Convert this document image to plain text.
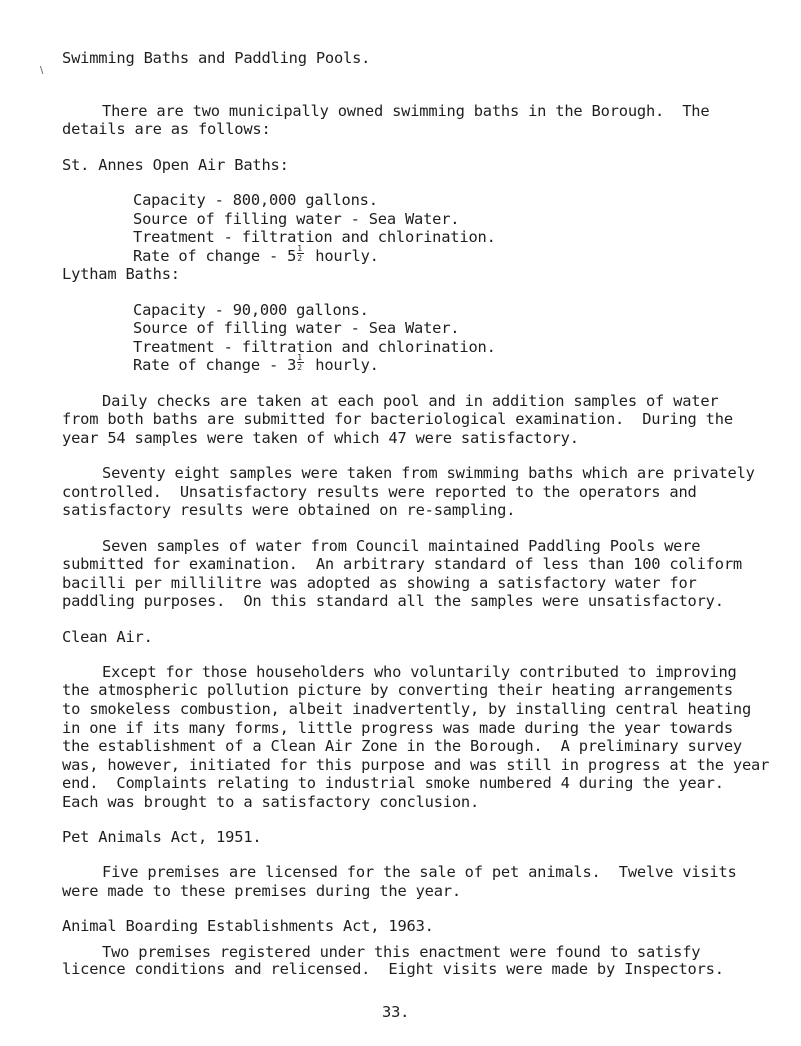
Swimming Baths and Paddling Pools.
There are two municipally owned swimming baths in the Borough.  The
details are as follows:
∖
St. Annes Open Air Baths:
Capacity - 800,000 gallons.
Source of filling water - Sea Water.
Treatment - filtration and chlorination.
Rate of change - $5 \frac{1}{2}$ hourly.
Lytham Baths:
Capacity - 90,000 gallons.
Source of filling water - Sea Water.
Treatment - filtration and chlorination.
Rate of change - $3 \frac{1}{2}$ hourly.
Daily checks are taken at each pool and in addition samples of water
from both baths are submitted for bacteriological examination.  During the
year 54 samples were taken of which 47 were satisfactory.
Seventy eight samples were taken from swimming baths which are privately
controlled.  Unsatisfactory results were reported to the operators and
satisfactory results were obtained on re-sampling.
Seven samples of water from Council maintained Paddling Pools were
submitted for examination.  An arbitrary standard of less than 100 coliform
bacilli per millilitre was adopted as showing a satisfactory water for
paddling purposes.  On this standard all the samples were unsatisfactory.
Clean Air.
Except for those householders who voluntarily contributed to improving
the atmospheric pollution picture by converting their heating arrangements
to smokeless combustion, albeit inadvertently, by installing central heating
in one if its many forms, little progress was made during the year towards
the establishment of a Clean Air Zone in the Borough.  A preliminary survey
was, however, initiated for this purpose and was still in progress at the year
end.  Complaints relating to industrial smoke numbered 4 during the year.
Each was brought to a satisfactory conclusion.
Pet Animals Act, 1951.
Five premises are licensed for the sale of pet animals.  Twelve visits
were made to these premises during the year.
Animal Boarding Establishments Act, 1963.
Two premises registered under this enactment were found to satisfy
licence conditions and relicensed.  Eight visits were made by Inspectors.
33.
